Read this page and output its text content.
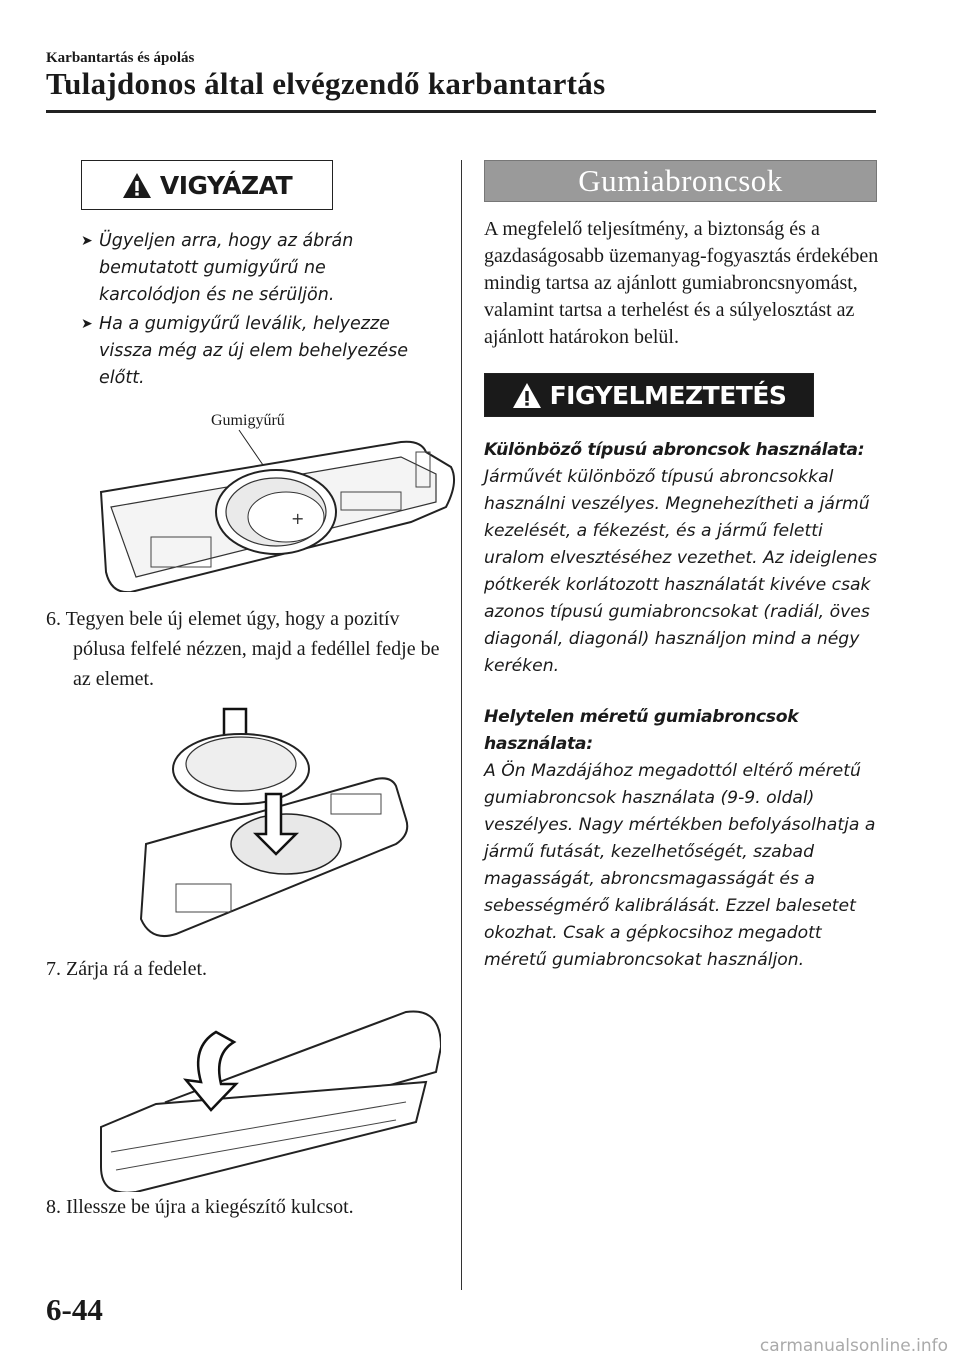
Karbantartás és ápolás
Tulajdonos által elvégzendő karbantartás
VIGYÁZAT
➤ Ügyeljen arra, hogy az ábrán bemutatott gumigyűrű ne karcolódjon és ne sérüljön.
➤ Ha a gumigyűrű leválik, helyezze vissza még az új elem behelyezése előtt.
Gumigyűrű
+
6. Tegyen bele új elemet úgy, hogy a pozitív pólusa felfelé nézzen, majd a fedéllel fedje be az elemet.
7. Zárja rá a fedelet.
8. Illessze be újra a kiegészítő kulcsot.
Gumiabroncsok

A megfelelő teljesítmény, a biztonság és a gazdaságosabb üzemanyag-fogyasztás érdekében mindig tartsa az ajánlott gumiabroncsnyomást, valamint tartsa a terhelést és a súlyelosztást az ajánlott határokon belül.

FIGYELMEZTETÉS
Különböző típusú abroncsok használata:
Járművét különböző típusú abroncsokkal használni veszélyes. Megnehezítheti a jármű kezelését, a fékezést, és a jármű feletti uralom elvesztéséhez vezethet. Az ideiglenes pótkerék korlátozott használatát kivéve csak azonos típusú gumiabroncsokat (radiál, öves diagonál, diagonál) használjon mind a négy keréken.
Helytelen méretű gumiabroncsok használata:
A Ön Mazdájához megadottól eltérő méretű gumiabroncsok használata (9-9. oldal) veszélyes. Nagy mértékben befolyásolhatja a jármű futását, kezelhetőségét, szabad magasságát, abroncsmagasságát és a sebességmérő kalibrálását. Ezzel balesetet okozhat. Csak a gépkocsihoz megadott méretű gumiabroncsokat használjon.
6-44
carmanualsonline.info
